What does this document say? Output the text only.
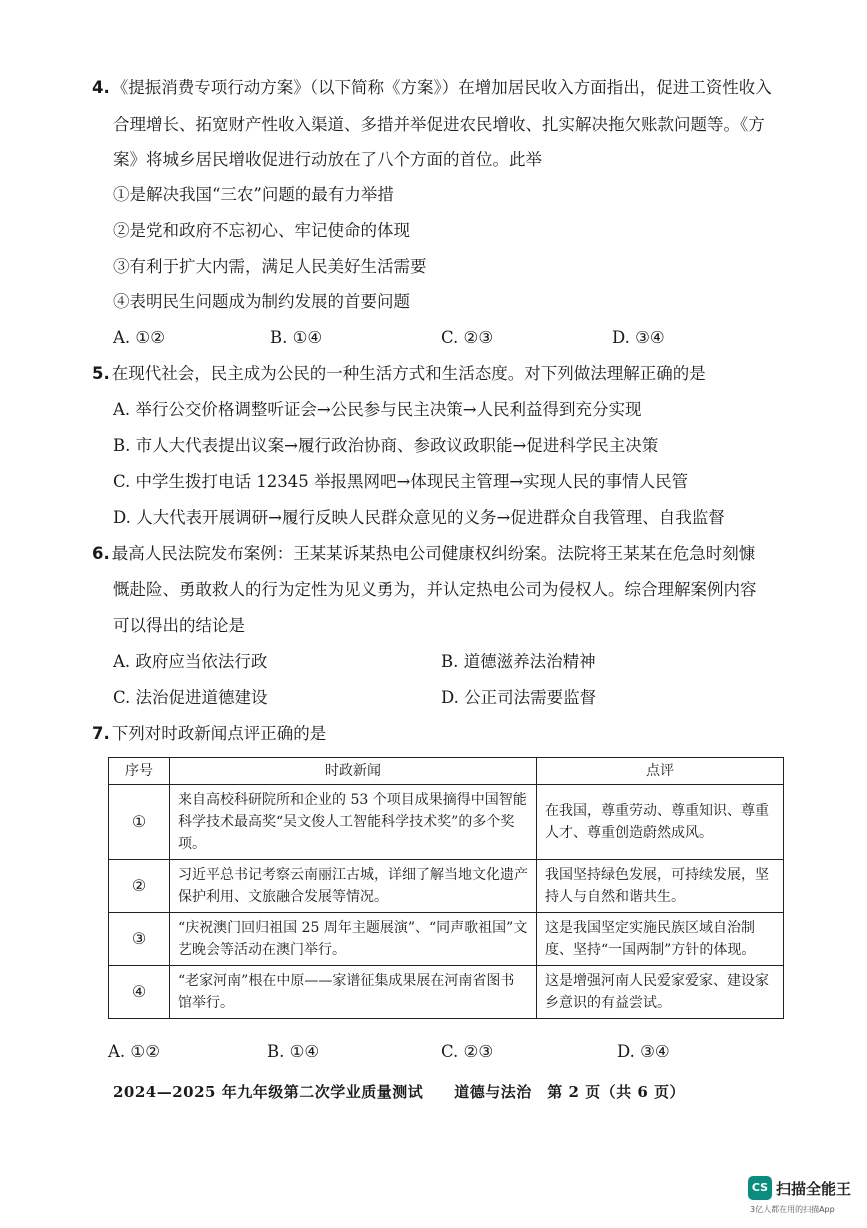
4. 《提振消费专项行动方案》（以下简称《方案》）在增加居民收入方面指出，促进工资性收入
合理增长、拓宽财产性收入渠道、多措并举促进农民增收、扎实解决拖欠账款问题等。《方
案》将城乡居民增收促进行动放在了八个方面的首位。此举
①是解决我国“三农”问题的最有力举措
②是党和政府不忘初心、牢记使命的体现
③有利于扩大内需，满足人民美好生活需要
④表明民生问题成为制约发展的首要问题
A. ①②	B. ①④	C. ②③	D. ③④
5. 在现代社会，民主成为公民的一种生活方式和生活态度。对下列做法理解正确的是
A. 举行公交价格调整听证会→公民参与民主决策→人民利益得到充分实现
B. 市人大代表提出议案→履行政治协商、参政议政职能→促进科学民主决策
C. 中学生拨打电话 12345 举报黑网吧→体现民主管理→实现人民的事情人民管
D. 人大代表开展调研→履行反映人民群众意见的义务→促进群众自我管理、自我监督
6. 最高人民法院发布案例：王某某诉某热电公司健康权纠纷案。法院将王某某在危急时刻慷
慨赴险、勇敢救人的行为定性为见义勇为，并认定热电公司为侵权人。综合理解案例内容
可以得出的结论是
A. 政府应当依法行政	B. 道德滋养法治精神
C. 法治促进道德建设	D. 公正司法需要监督
7. 下列对时政新闻点评正确的是
序号	时政新闻	点评
①	来自高校科研院所和企业的 53 个项目成果摘得中国智能科学技术最高奖“吴文俊人工智能科学技术奖”的多个奖项。	在我国，尊重劳动、尊重知识、尊重人才、尊重创造蔚然成风。
②	习近平总书记考察云南丽江古城，详细了解当地文化遗产保护利用、文旅融合发展等情况。	我国坚持绿色发展，可持续发展，坚持人与自然和谐共生。
③	“庆祝澳门回归祖国 25 周年主题展演”、“同声歌祖国”文艺晚会等活动在澳门举行。	这是我国坚定实施民族区域自治制度、坚持“一国两制”方针的体现。
④	“老家河南”根在中原——家谱征集成果展在河南省图书馆举行。	这是增强河南人民爱家爱家、建设家乡意识的有益尝试。
A. ①②	B. ①④	C. ②③	D. ③④
2024—2025 年九年级第二次学业质量测试　　道德与法治　第 2 页（共 6 页）
CS 扫描全能王
3亿人都在用的扫描App
